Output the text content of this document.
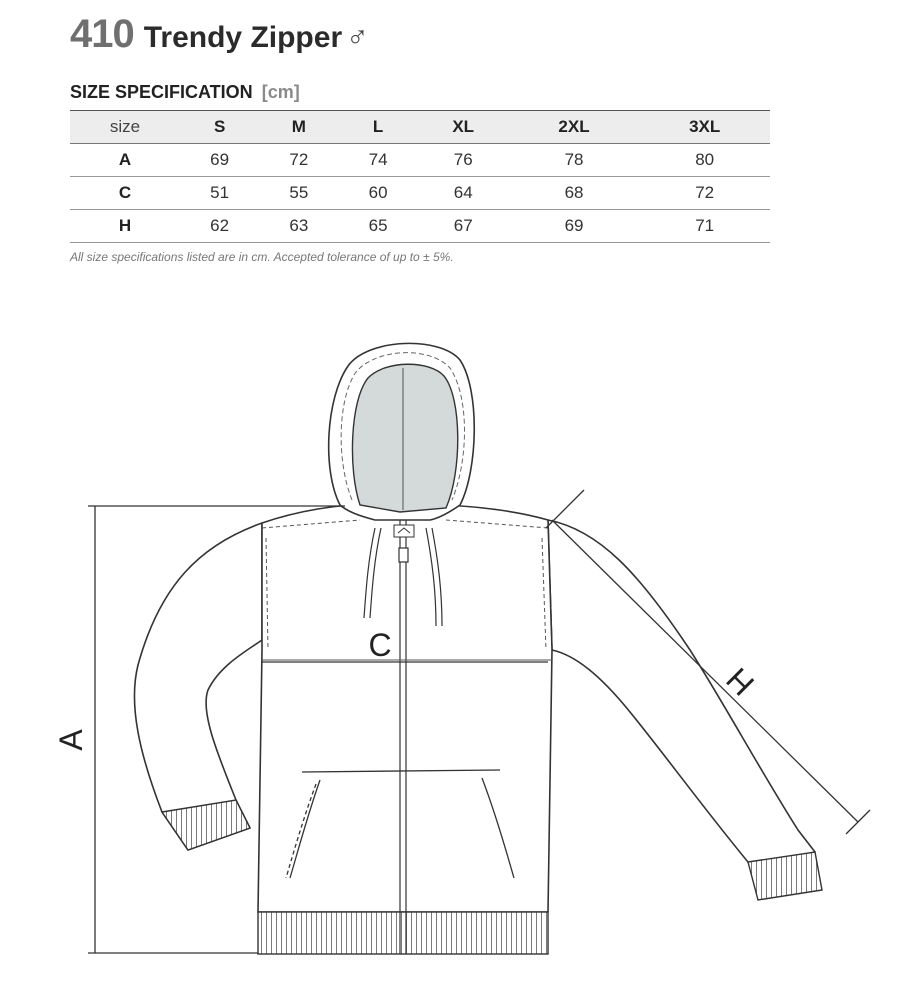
410 Trendy Zipper ♂
SIZE SPECIFICATION [cm]
size	S	M	L	XL	2XL	3XL
A	69	72	74	76	78	80
C	51	55	60	64	68	72
H	62	63	65	67	69	71
All size specifications listed are in cm. Accepted tolerance of up to ± 5%.
C
A
H
